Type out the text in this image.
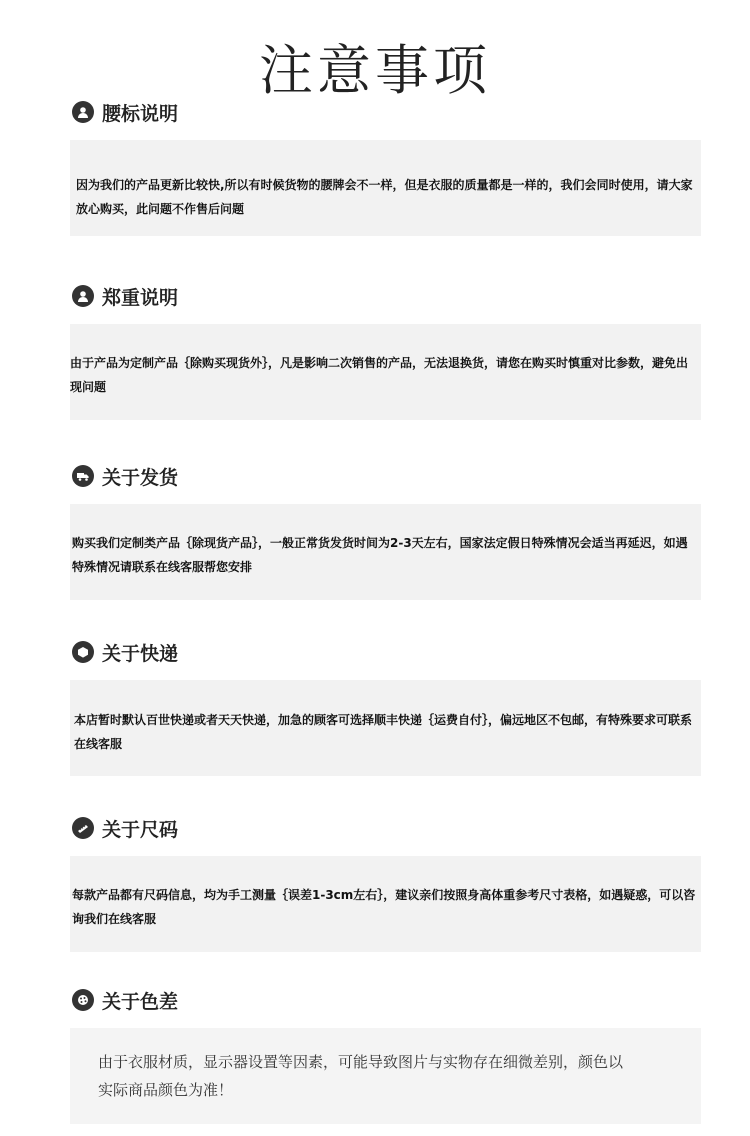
注意事项
腰标说明

因为我们的产品更新比较快,所以有时候货物的腰牌会不一样，但是衣服的质量都是一样的，我们会同时使用，请大家放心购买，此问题不作售后问题

郑重说明

由于产品为定制产品｛除购买现货外｝，凡是影响二次销售的产品，无法退换货，请您在购买时慎重对比参数，避免出现问题

关于发货

购买我们定制类产品｛除现货产品｝，一般正常货发货时间为2-3天左右，国家法定假日特殊情况会适当再延迟，如遇特殊情况请联系在线客服帮您安排

关于快递

本店暂时默认百世快递或者天天快递，加急的顾客可选择顺丰快递｛运费自付｝，偏远地区不包邮，有特殊要求可联系在线客服

关于尺码

每款产品都有尺码信息，均为手工测量｛误差1-3cm左右｝，建议亲们按照身高体重参考尺寸表格，如遇疑惑，可以咨询我们在线客服

关于色差

由于衣服材质，显示器设置等因素，可能导致图片与实物存在细微差别，颜色以实际商品颜色为准！
